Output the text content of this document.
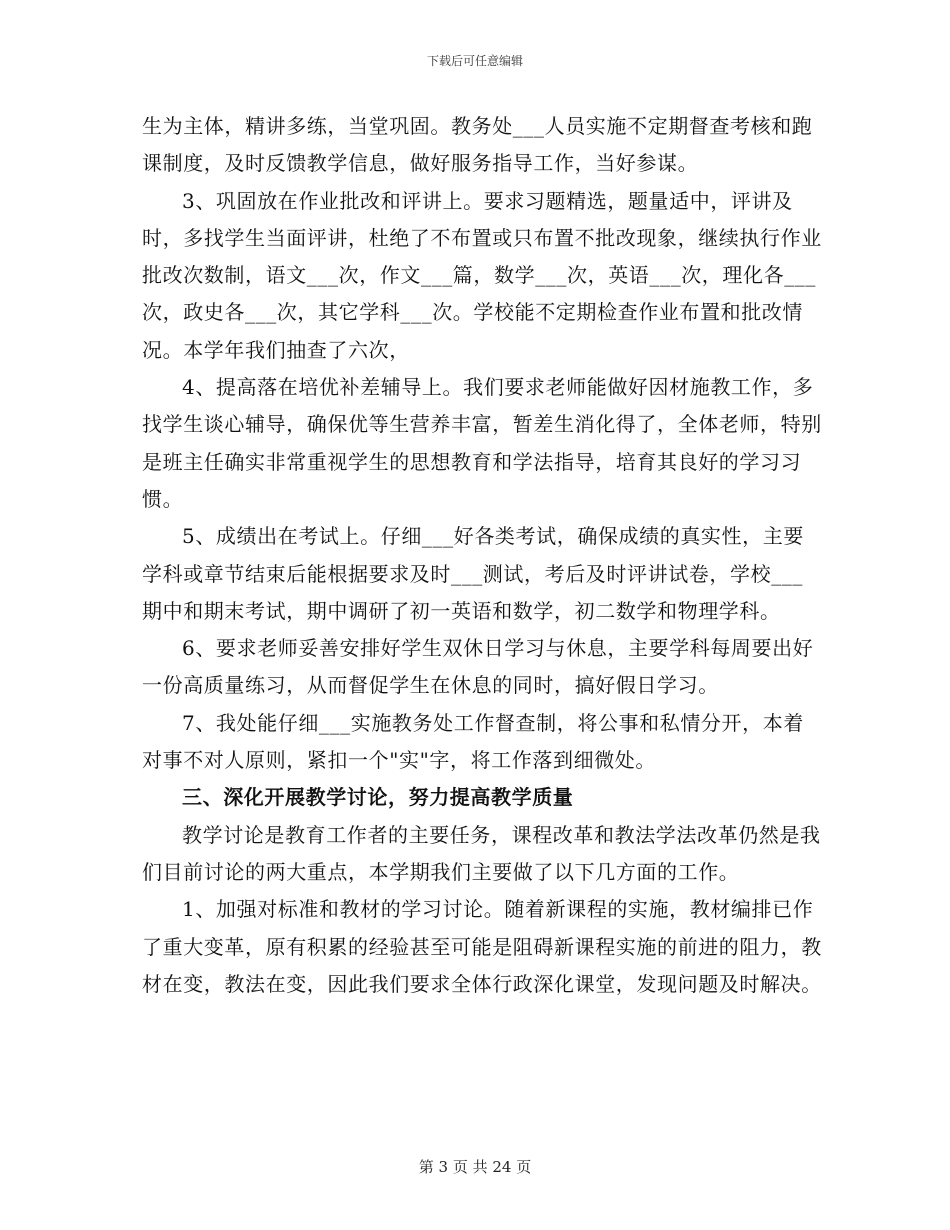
下载后可任意编辑

生为主体，精讲多练，当堂巩固。教务处___人员实施不定期督查考核和跑课制度，及时反馈教学信息，做好服务指导工作，当好参谋。

3、巩固放在作业批改和评讲上。要求习题精选，题量适中，评讲及时，多找学生当面评讲，杜绝了不布置或只布置不批改现象，继续执行作业批改次数制，语文___次，作文___篇，数学___次，英语___次，理化各___次，政史各___次，其它学科___次。学校能不定期检查作业布置和批改情况。本学年我们抽查了六次，

4、提高落在培优补差辅导上。我们要求老师能做好因材施教工作，多找学生谈心辅导，确保优等生营养丰富，暂差生消化得了，全体老师，特别是班主任确实非常重视学生的思想教育和学法指导，培育其良好的学习习惯。

5、成绩出在考试上。仔细___好各类考试，确保成绩的真实性，主要学科或章节结束后能根据要求及时___测试，考后及时评讲试卷，学校___期中和期末考试，期中调研了初一英语和数学，初二数学和物理学科。

6、要求老师妥善安排好学生双休日学习与休息，主要学科每周要出好一份高质量练习，从而督促学生在休息的同时，搞好假日学习。

7、我处能仔细___实施教务处工作督查制，将公事和私情分开，本着对事不对人原则，紧扣一个"实"字，将工作落到细微处。

三、深化开展教学讨论，努力提高教学质量

教学讨论是教育工作者的主要任务，课程改革和教法学法改革仍然是我们目前讨论的两大重点，本学期我们主要做了以下几方面的工作。

1、加强对标准和教材的学习讨论。随着新课程的实施，教材编排已作了重大变革，原有积累的经验甚至可能是阻碍新课程实施的前进的阻力，教材在变，教法在变，因此我们要求全体行政深化课堂，发现问题及时解决。

第 3 页 共 24 页
